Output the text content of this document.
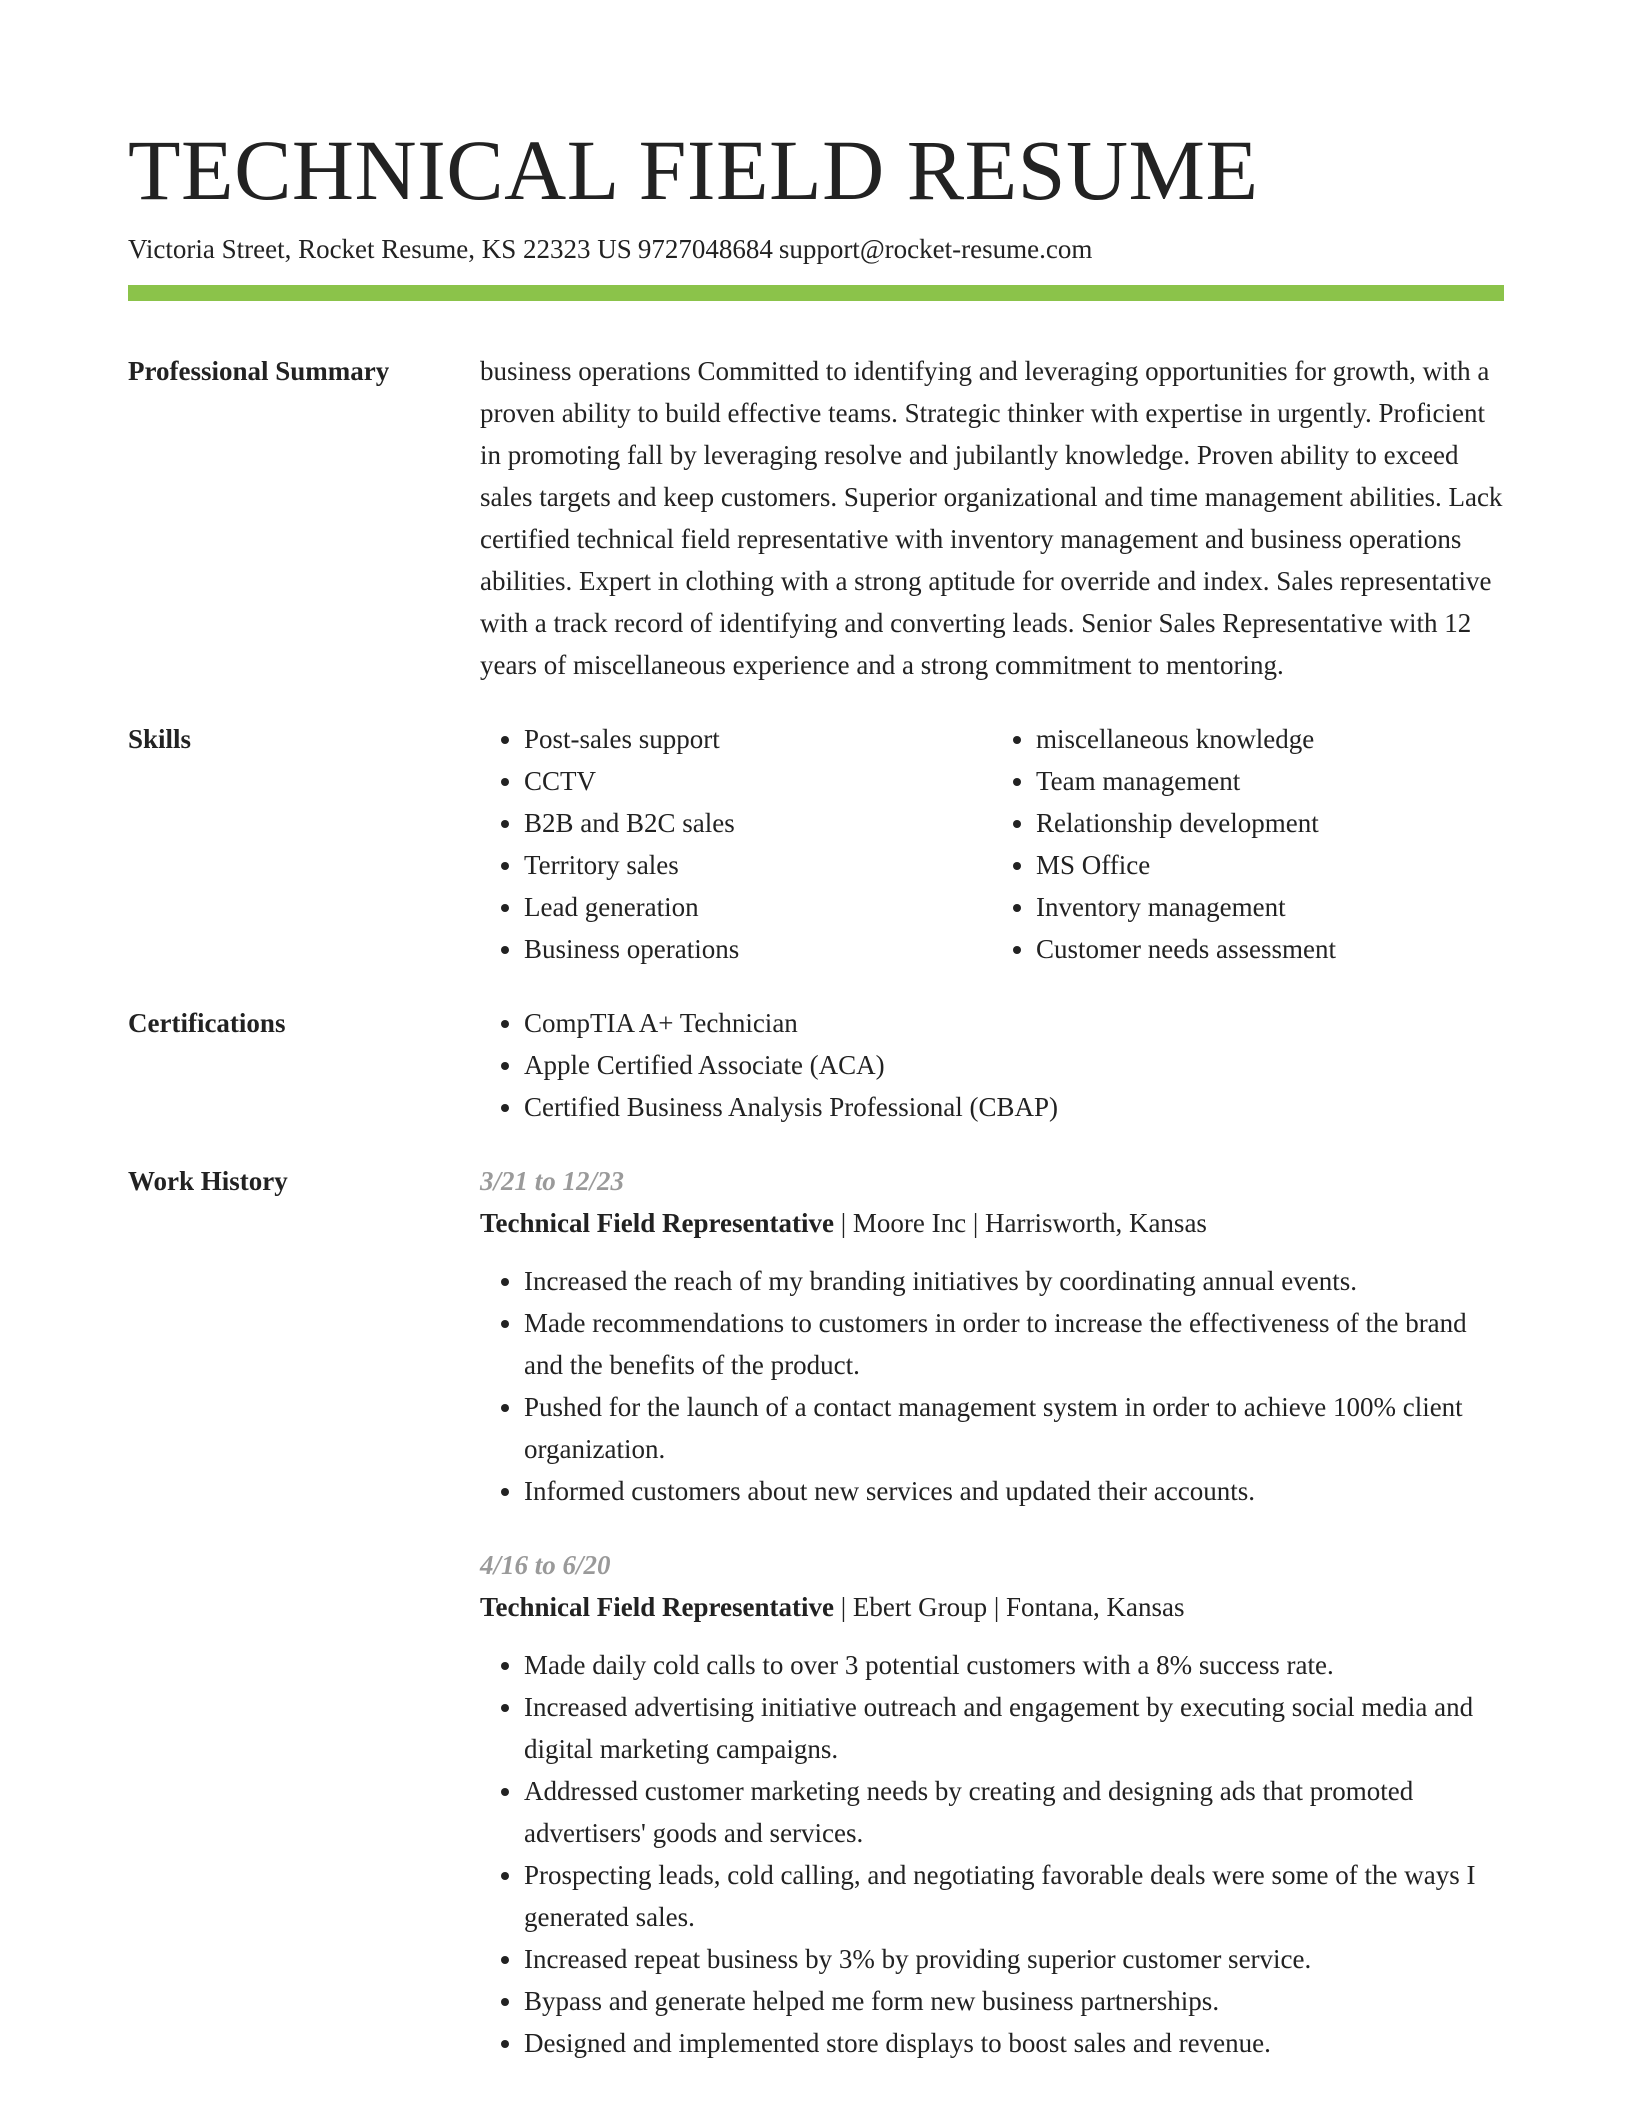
TECHNICAL FIELD RESUME
Victoria Street, Rocket Resume, KS 22323 US 9727048684 support@rocket-resume.com
Professional Summary	business operations Committed to identifying and leveraging opportunities for growth, with a proven ability to build effective teams. Strategic thinker with expertise in urgently. Proficient in promoting fall by leveraging resolve and jubilantly knowledge. Proven ability to exceed sales targets and keep customers. Superior organizational and time management abilities. Lack certified technical field representative with inventory management and business operations abilities. Expert in clothing with a strong aptitude for override and index. Sales representative with a track record of identifying and converting leads. Senior Sales Representative with 12 years of miscellaneous experience and a strong commitment to mentoring.

Skills	• Post-sales support
• CCTV
• B2B and B2C sales
• Territory sales
• Lead generation
• Business operations
• miscellaneous knowledge
• Team management
• Relationship development
• MS Office
• Inventory management
• Customer needs assessment
Certifications	• CompTIA A+ Technician
• Apple Certified Associate (ACA)
• Certified Business Analysis Professional (CBAP)
Work History	3/21 to 12/23

Technical Field Representative | Moore Inc | Harrisworth, Kansas

• Increased the reach of my branding initiatives by coordinating annual events.
• Made recommendations to customers in order to increase the effectiveness of the brand and the benefits of the product.
• Pushed for the launch of a contact management system in order to achieve 100% client organization.
• Informed customers about new services and updated their accounts.

4/16 to 6/20

Technical Field Representative | Ebert Group | Fontana, Kansas

• Made daily cold calls to over 3 potential customers with a 8% success rate.
• Increased advertising initiative outreach and engagement by executing social media and digital marketing campaigns.
• Addressed customer marketing needs by creating and designing ads that promoted advertisers' goods and services.
• Prospecting leads, cold calling, and negotiating favorable deals were some of the ways I generated sales.
• Increased repeat business by 3% by providing superior customer service.
• Bypass and generate helped me form new business partnerships.
• Designed and implemented store displays to boost sales and revenue.
